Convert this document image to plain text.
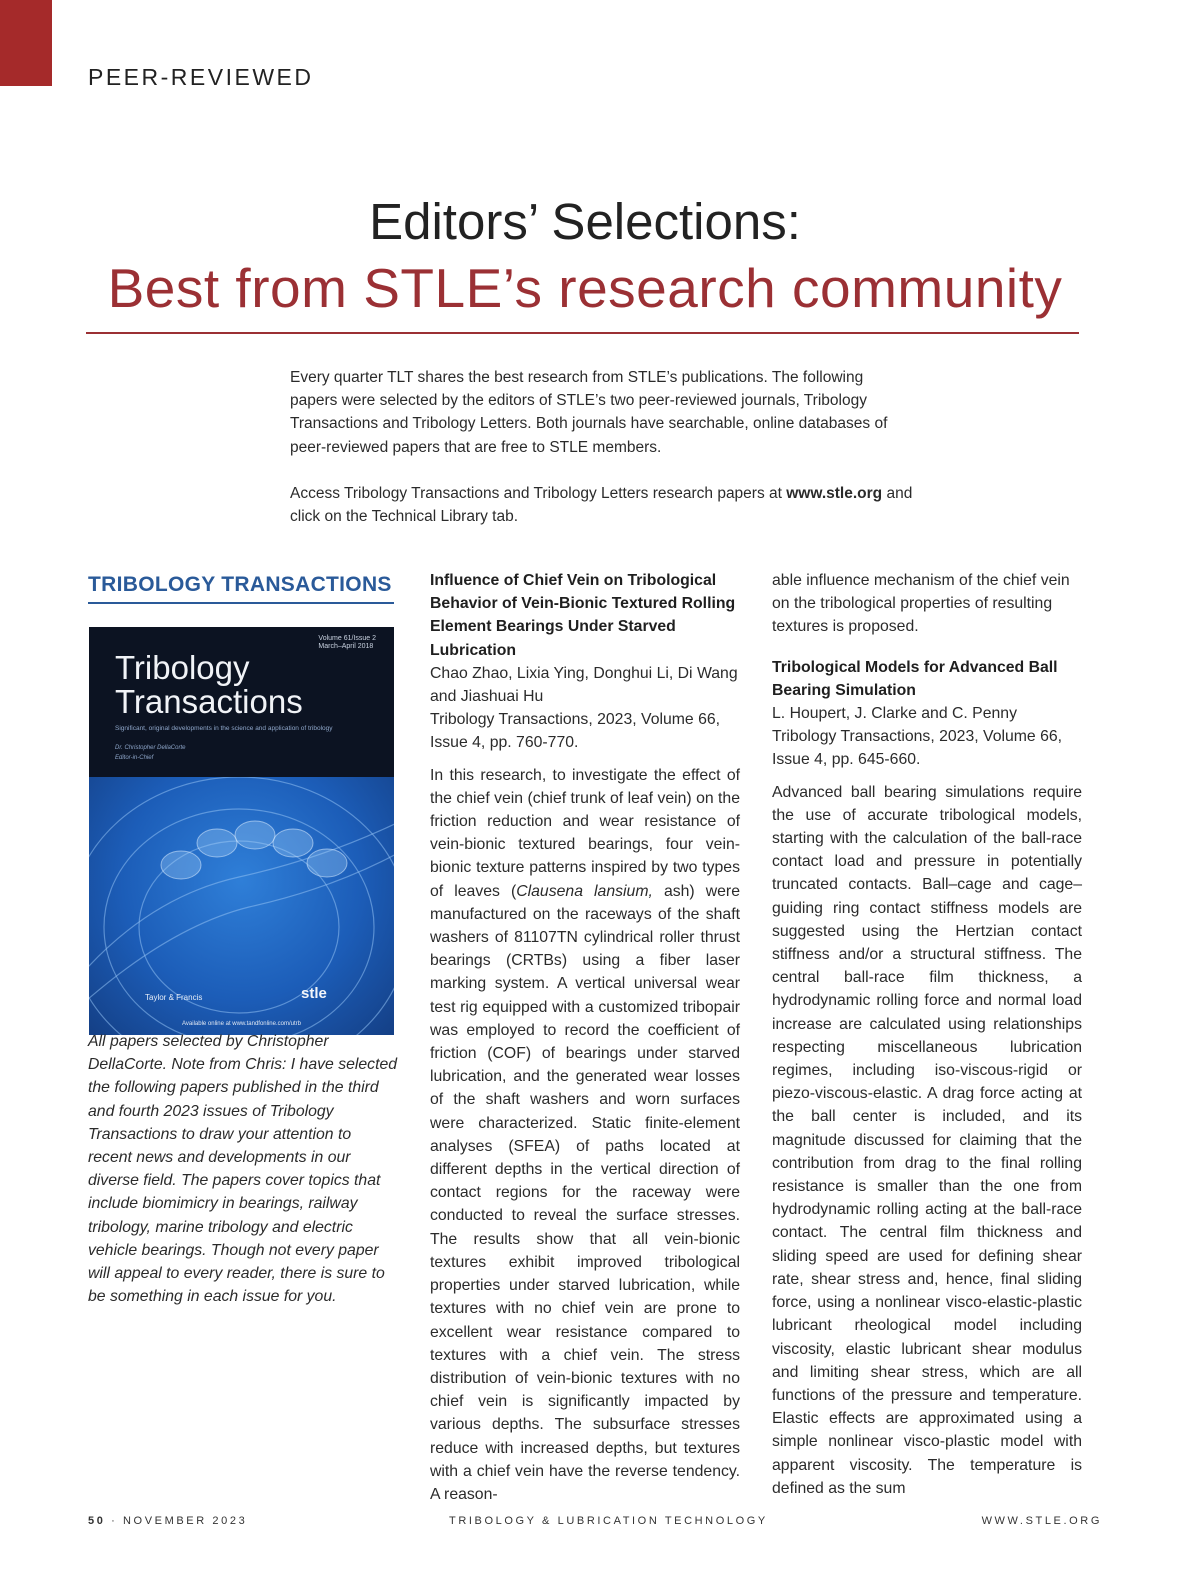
PEER-REVIEWED
Editors’ Selections:
Best from STLE’s research community

Every quarter TLT shares the best research from STLE’s publications. The following papers were selected by the editors of STLE’s two peer-reviewed journals, Tribology Transactions and Tribology Letters. Both journals have searchable, online databases of peer-reviewed papers that are free to STLE members.

Access Tribology Transactions and Tribology Letters research papers at www.stle.org and click on the Technical Library tab.

TRIBOLOGY TRANSACTIONS
Volume 61/Issue 2
March–April 2018
Tribology
Transactions
Significant, original developments in the science and application of tribology
Dr. Christopher DellaCorte
Editor-in-Chief
Taylor & Francis	stle
Available online at www.tandfonline.com/utrb

All papers selected by Christopher DellaCorte. Note from Chris: I have selected the following papers published in the third and fourth 2023 issues of Tribology Transactions to draw your attention to recent news and developments in our diverse field. The papers cover topics that include biomimicry in bearings, railway tribology, marine tribology and electric vehicle bearings. Though not every paper will appeal to every reader, there is sure to be something in each issue for you.

Influence of Chief Vein on Tribological Behavior of Vein-Bionic Textured Rolling Element Bearings Under Starved Lubrication

Chao Zhao, Lixia Ying, Donghui Li, Di Wang and Jiashuai Hu

Tribology Transactions, 2023, Volume 66, Issue 4, pp. 760-770.

In this research, to investigate the effect of the chief vein (chief trunk of leaf vein) on the friction reduction and wear resistance of vein-bionic textured bearings, four vein-bionic texture patterns inspired by two types of leaves (Clausena lansium, ash) were manufactured on the raceways of the shaft washers of 81107TN cylindrical roller thrust bearings (CRTBs) using a fiber laser marking system. A vertical universal wear test rig equipped with a customized tribopair was employed to record the coefficient of friction (COF) of bearings under starved lubrication, and the generated wear losses of the shaft washers and worn surfaces were characterized. Static finite-element analyses (SFEA) of paths located at different depths in the vertical direction of contact regions for the raceway were conducted to reveal the surface stresses. The results show that all vein-bionic textures exhibit improved tribological properties under starved lubrication, while textures with no chief vein are prone to excellent wear resistance compared to textures with a chief vein. The stress distribution of vein-bionic textures with no chief vein is significantly impacted by various depths. The subsurface stresses reduce with increased depths, but textures with a chief vein have the reverse tendency. A reason-

able influence mechanism of the chief vein on the tribological properties of resulting textures is proposed.

Tribological Models for Advanced Ball Bearing Simulation

L. Houpert, J. Clarke and C. Penny

Tribology Transactions, 2023, Volume 66, Issue 4, pp. 645-660.

Advanced ball bearing simulations require the use of accurate tribological models, starting with the calculation of the ball-race contact load and pressure in potentially truncated contacts. Ball–cage and cage–guiding ring contact stiffness models are suggested using the Hertzian contact stiffness and/or a structural stiffness. The central ball-race film thickness, a hydrodynamic rolling force and normal load increase are calculated using relationships respecting miscellaneous lubrication regimes, including iso-viscous-rigid or piezo-viscous-elastic. A drag force acting at the ball center is included, and its magnitude discussed for claiming that the contribution from drag to the final rolling resistance is smaller than the one from hydrodynamic rolling acting at the ball-race contact. The central film thickness and sliding speed are used for defining shear rate, shear stress and, hence, final sliding force, using a nonlinear visco-elastic-plastic lubricant rheological model including viscosity, elastic lubricant shear modulus and limiting shear stress, which are all functions of the pressure and temperature. Elastic effects are approximated using a simple nonlinear visco-plastic model with apparent viscosity. The temperature is defined as the sum

50 · NOVEMBER 2023	TRIBOLOGY & LUBRICATION TECHNOLOGY	WWW.STLE.ORG
